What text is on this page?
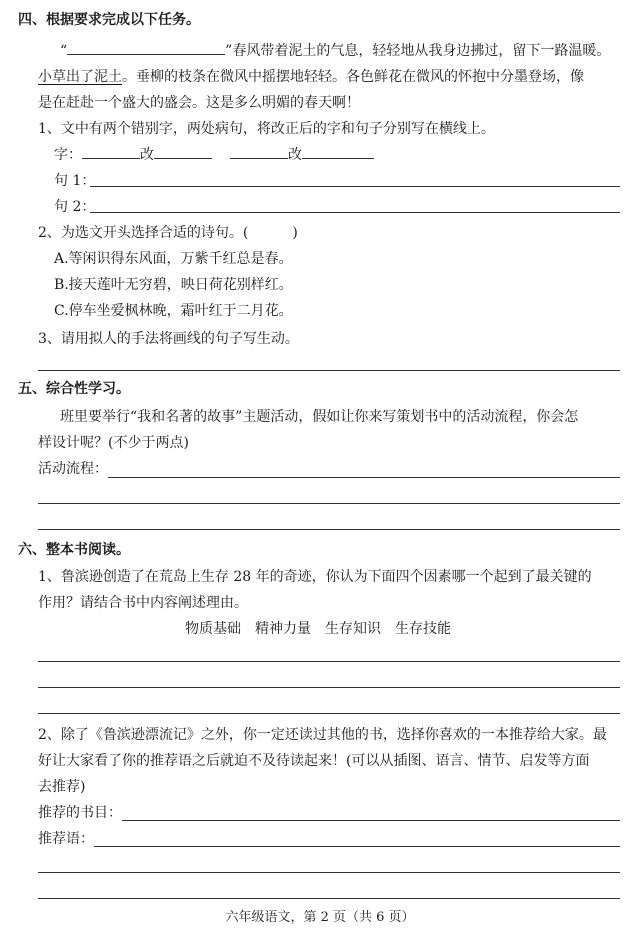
四、根据要求完成以下任务。
“	”春风带着泥土的气息，轻轻地从我身边拂过，留下一路温暖。
小草出了泥土。垂柳的枝条在微风中摇摆地轻轻。各色鲜花在微风的怀抱中分墨登场，像
是在赶赴一个盛大的盛会。这是多么明媚的春天啊！
1、文中有两个错别字，两处病句，将改正后的字和句子分别写在横线上。
字：	改	改
句 1：
句 2：
2、为选文开头选择合适的诗句。(	)
A.等闲识得东风面，万紫千红总是春。
B.接天莲叶无穷碧，映日荷花别样红。
C.停车坐爱枫林晚，霜叶红于二月花。
3、请用拟人的手法将画线的句子写生动。
五、综合性学习。
班里要举行“我和名著的故事”主题活动，假如让你来写策划书中的活动流程，你会怎
样设计呢？(不少于两点)
活动流程：
六、整本书阅读。
1、鲁滨逊创造了在荒岛上生存 28 年的奇迹，你认为下面四个因素哪一个起到了最关键的
作用？请结合书中内容阐述理由。
物质基础　精神力量　生存知识　生存技能
2、除了《鲁滨逊漂流记》之外，你一定还读过其他的书，选择你喜欢的一本推荐给大家。最
好让大家看了你的推荐语之后就迫不及待读起来！(可以从插图、语言、情节、启发等方面
去推荐)
推荐的书目：
推荐语：
六年级语文，第 2 页（共 6 页）
